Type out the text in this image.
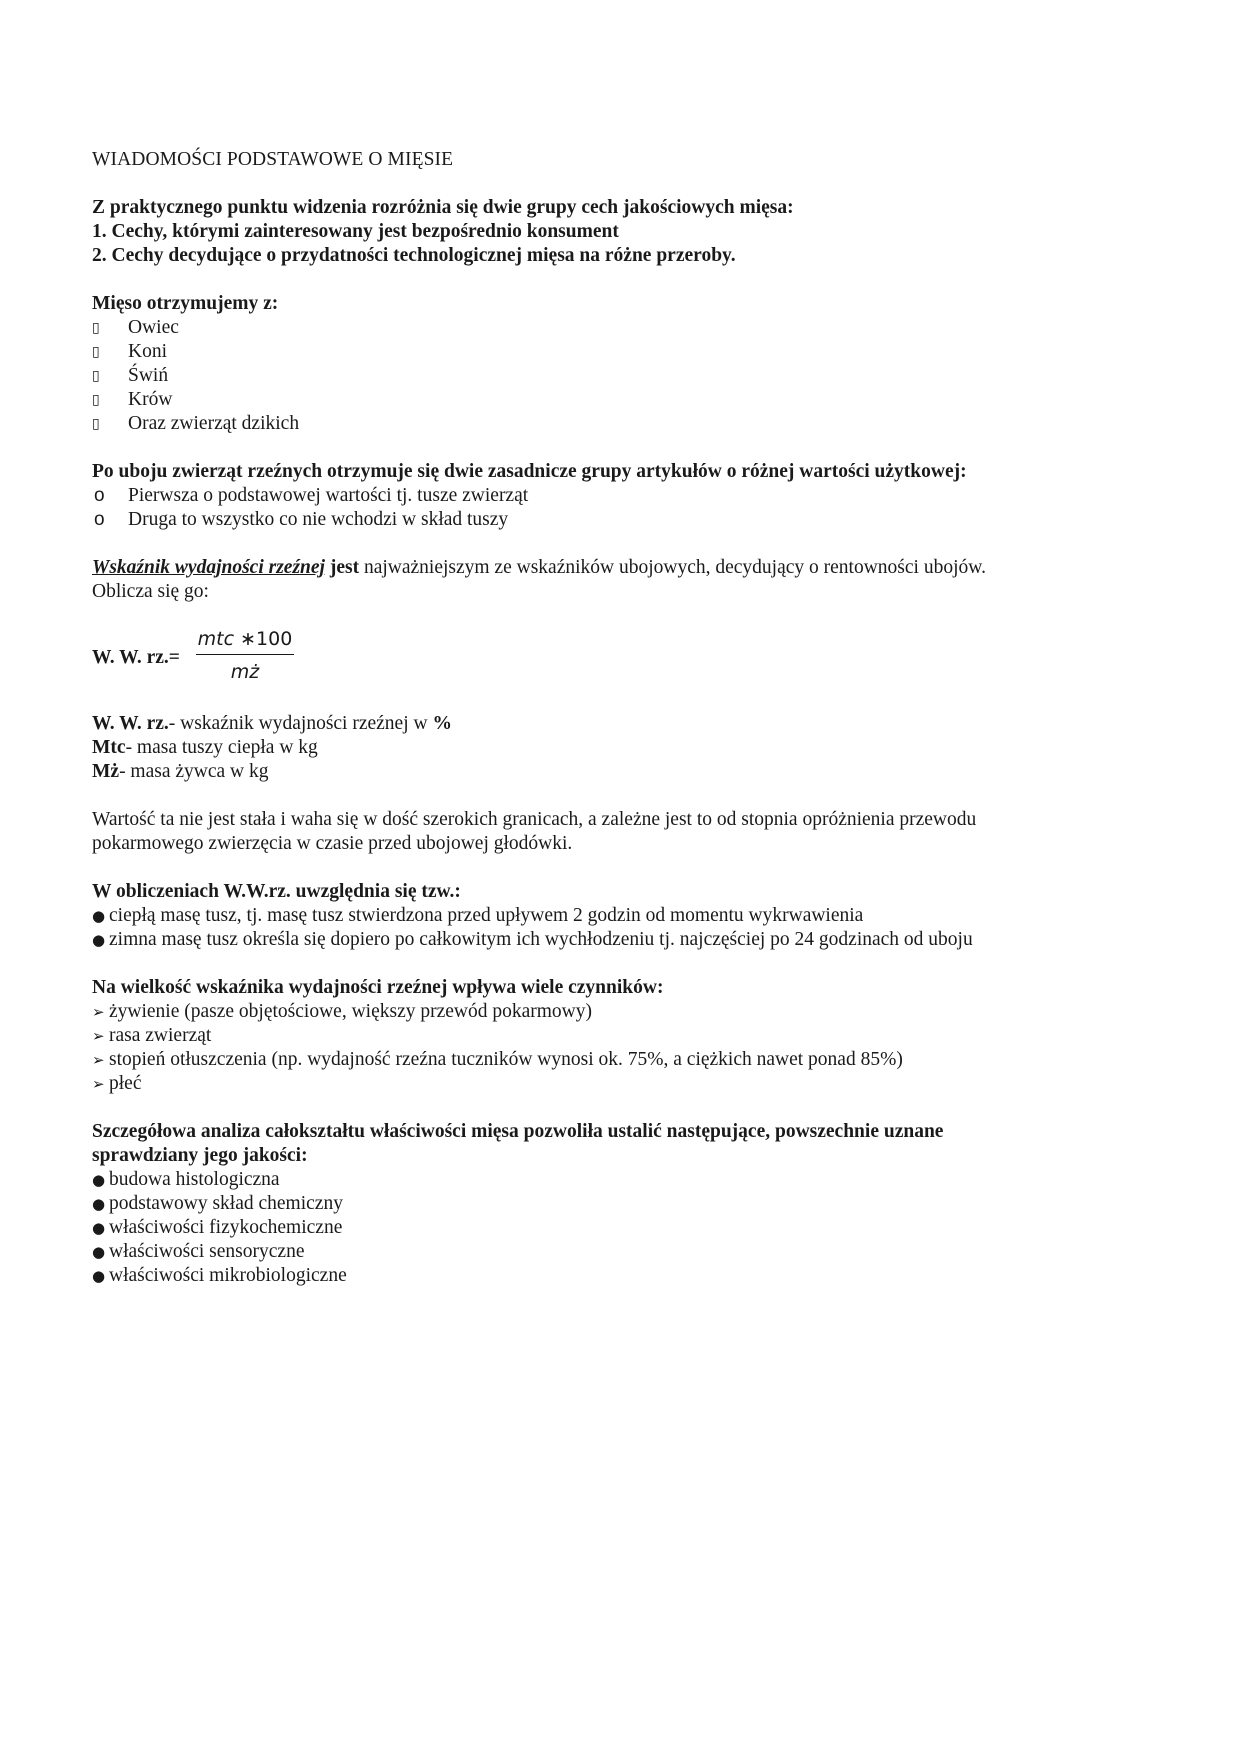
WIADOMOŚCI PODSTAWOWE O MIĘSIE

Z praktycznego punktu widzenia rozróżnia się dwie grupy cech jakościowych mięsa:

1. Cechy, którymi zainteresowany jest bezpośrednio konsument

2. Cechy decydujące o przydatności technologicznej mięsa na różne przeroby.

Mięso otrzymujemy z:

▯ Owiec
▯ Koni
▯ Świń
▯ Krów
▯ Oraz zwierząt dzikich

Po uboju zwierząt rzeźnych otrzymuje się dwie zasadnicze grupy artykułów o różnej wartości użytkowej:

o Pierwsza o podstawowej wartości tj. tusze zwierząt
o Druga to wszystko co nie wchodzi w skład tuszy

Wskaźnik wydajności rzeźnej jest najważniejszym ze wskaźników ubojowych, decydujący o rentowności ubojów.

Oblicza się go:

W. W. rz.=
mtc ∗100
mż

W. W. rz.- wskaźnik wydajności rzeźnej w %

Mtc- masa tuszy ciepła w kg

Mż- masa żywca w kg

Wartość ta nie jest stała i waha się w dość szerokich granicach, a zależne jest to od stopnia opróżnienia przewodu pokarmowego zwierzęcia w czasie przed ubojowej głodówki.

W obliczeniach W.W.rz. uwzględnia się tzw.:

● ciepłą masę tusz, tj. masę tusz stwierdzona przed upływem 2 godzin od momentu wykrwawienia
● zimna masę tusz określa się dopiero po całkowitym ich wychłodzeniu tj. najczęściej po 24 godzinach od uboju

Na wielkość wskaźnika wydajności rzeźnej wpływa wiele czynników:

➢ żywienie (pasze objętościowe, większy przewód pokarmowy)
➢ rasa zwierząt
➢ stopień otłuszczenia (np. wydajność rzeźna tuczników wynosi ok. 75%, a ciężkich nawet ponad 85%)
➢ płeć

Szczegółowa analiza całokształtu właściwości mięsa pozwoliła ustalić następujące, powszechnie uznane sprawdziany jego jakości:

● budowa histologiczna
● podstawowy skład chemiczny
● właściwości fizykochemiczne
● właściwości sensoryczne
● właściwości mikrobiologiczne
